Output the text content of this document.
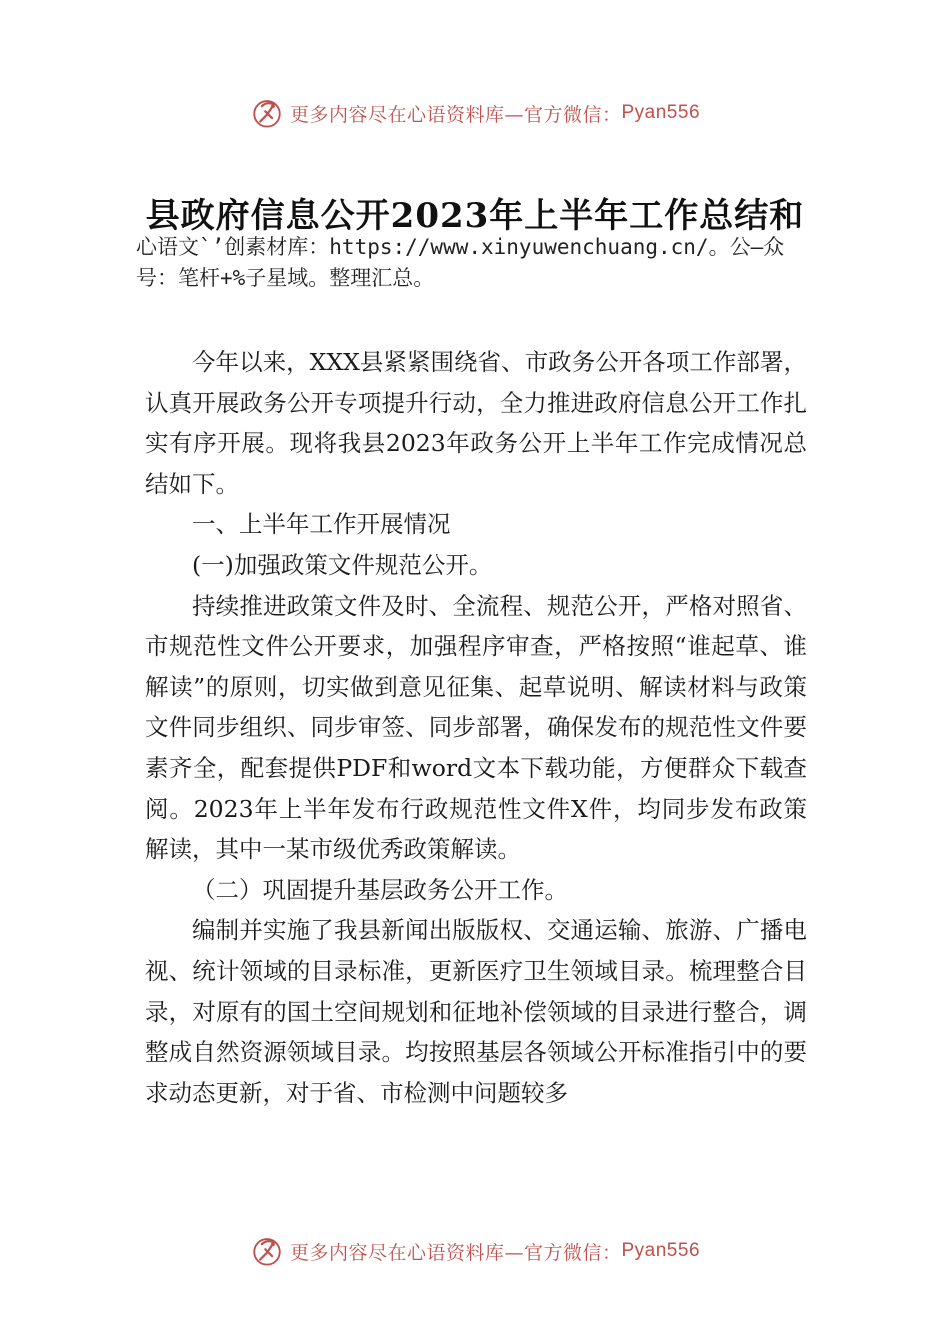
更多内容尽在心语资料库—官方微信： Pyan556
县政府信息公开2023年上半年工作总结和
心语文`’创素材库：https://www.xinyuwenchuang.cn/。公—众号：笔杆+%子星域。整理汇总。

今年以来，XXX县紧紧围绕省、市政务公开各项工作部署，认真开展政务公开专项提升行动，全力推进政府信息公开工作扎实有序开展。现将我县2023年政务公开上半年工作完成情况总结如下。

一、上半年工作开展情况

(一)加强政策文件规范公开。

持续推进政策文件及时、全流程、规范公开，严格对照省、市规范性文件公开要求，加强程序审查，严格按照“谁起草、谁解读”的原则，切实做到意见征集、起草说明、解读材料与政策文件同步组织、同步审签、同步部署，确保发布的规范性文件要素齐全，配套提供PDF和word文本下载功能，方便群众下载查阅。2023年上半年发布行政规范性文件X件，均同步发布政策解读，其中一某市级优秀政策解读。

（二）巩固提升基层政务公开工作。

编制并实施了我县新闻出版版权、交通运输、旅游、广播电视、统计领域的目录标准，更新医疗卫生领域目录。梳理整合目录，对原有的国土空间规划和征地补偿领域的目录进行整合，调整成自然资源领域目录。均按照基层各领域公开标准指引中的要求动态更新，对于省、市检测中问题较多

更多内容尽在心语资料库—官方微信： Pyan556
